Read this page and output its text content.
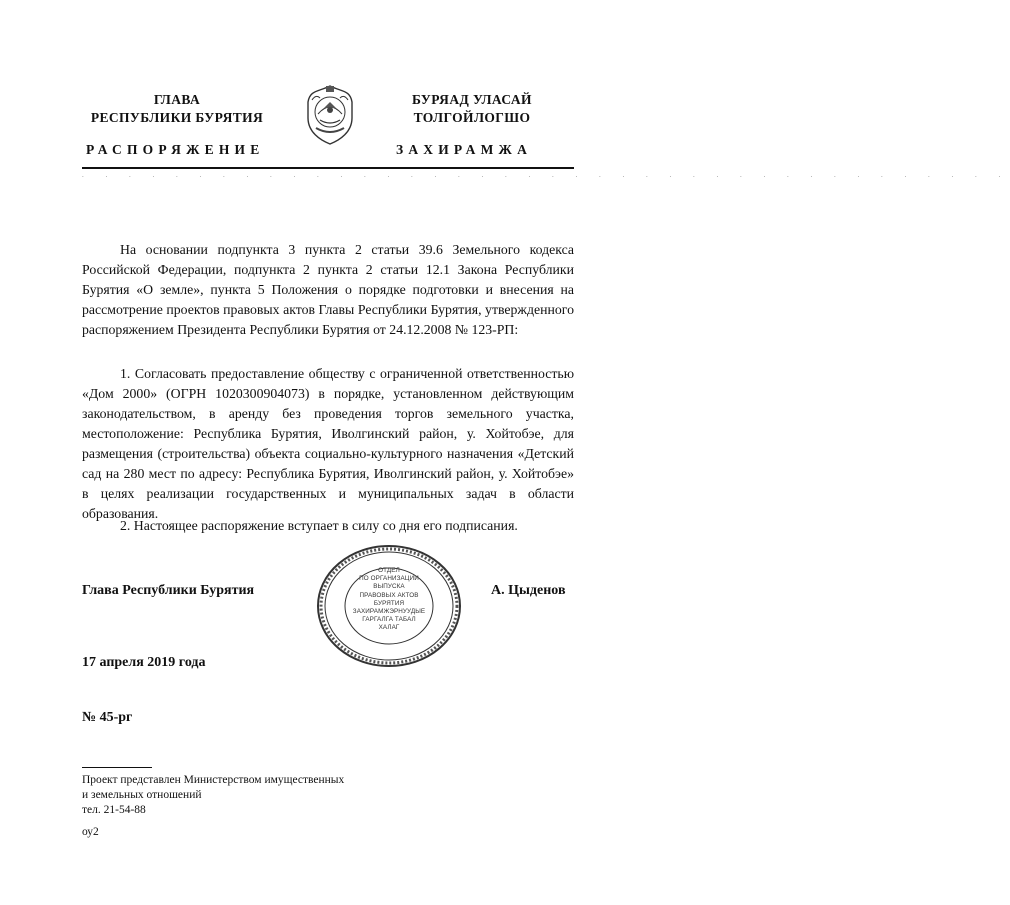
ГЛАВА
РЕСПУБЛИКИ БУРЯТИЯ
БУРЯАД УЛАСАЙ
ТОЛГОЙЛОГШО
РАСПОРЯЖЕНИЕ	ЗАХИРАМЖА
. . . . . . . . . . . . . . . . . . . . . . . . . . . . . . . . . . . . . . . .

На основании подпункта 3 пункта 2 статьи 39.6 Земельного кодекса Российской Федерации, подпункта 2 пункта 2 статьи 12.1 Закона Республики Бурятия «О земле», пункта 5 Положения о порядке подготовки и внесения на рассмотрение проектов правовых актов Главы Республики Бурятия, утвержденного распоряжением Президента Республики Бурятия от 24.12.2008 № 123-РП:

1. Согласовать предоставление обществу с ограниченной ответственностью «Дом 2000» (ОГРН 1020300904073) в порядке, установленном действующим законодательством, в аренду без проведения торгов земельного участка, местоположение: Республика Бурятия, Иволгинский район, у. Хойтобэе, для размещения (строительства) объекта социально-культурного назначения «Детский сад на 280 мест по адресу: Республика Бурятия, Иволгинский район, у. Хойтобэе» в целях реализации государственных и муниципальных задач в области образования.

2. Настоящее распоряжение вступает в силу со дня его подписания.

Глава Республики Бурятия	А. Цыденов
ОТДЕЛ
ПО ОРГАНИЗАЦИИ
ВЫПУСКА
ПРАВОВЫХ АКТОВ
БУРЯТИЯ
ЗАХИРАМЖЭРНУУДЫЕ
ГАРГАЛГА ТАБАЛ
ХАЛАГ
17 апреля 2019 года
№ 45-рг
Проект представлен Министерством имущественных
и земельных отношений
тел. 21-54-88
оу2
